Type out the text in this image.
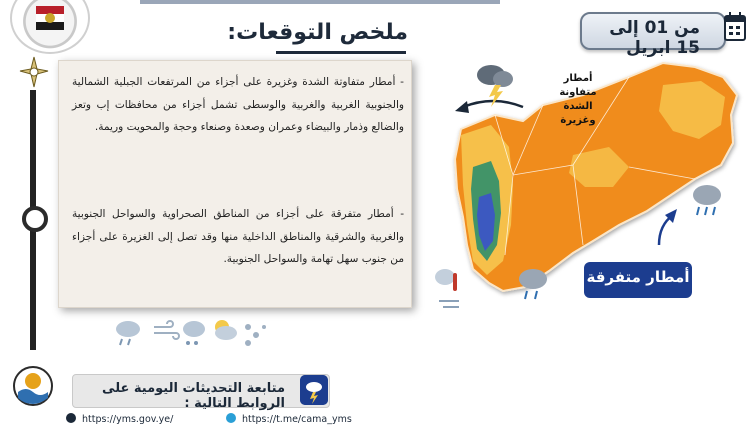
ملخص التوقعات:	من 01 إلى 15 ابريل
- أمطار متفاوتة الشدة وغزيرة على أجزاء من المرتفعات الجبلية الشمالية والجنوبية الغربية والغربية والوسطى تشمل أجزاء من محافظات إب وتعز والضالع وذمار والبيضاء وعمران وصعدة وصنعاء وحجة والمحويت وريمة.
- أمطار متفرقة على أجزاء من المناطق الصحراوية والسواحل الجنوبية والغربية والشرقية والمناطق الداخلية منها وقد تصل إلى الغزيرة على أجزاء من جنوب سهل تهامة والسواحل الجنوبية.
أمطار متفاونة الشدة وغزيرة
أمطار متفرقة
متابعة التحديثات اليومية على الروابط التالية :
https://yms.gov.ye/	https://t.me/cama_yms
